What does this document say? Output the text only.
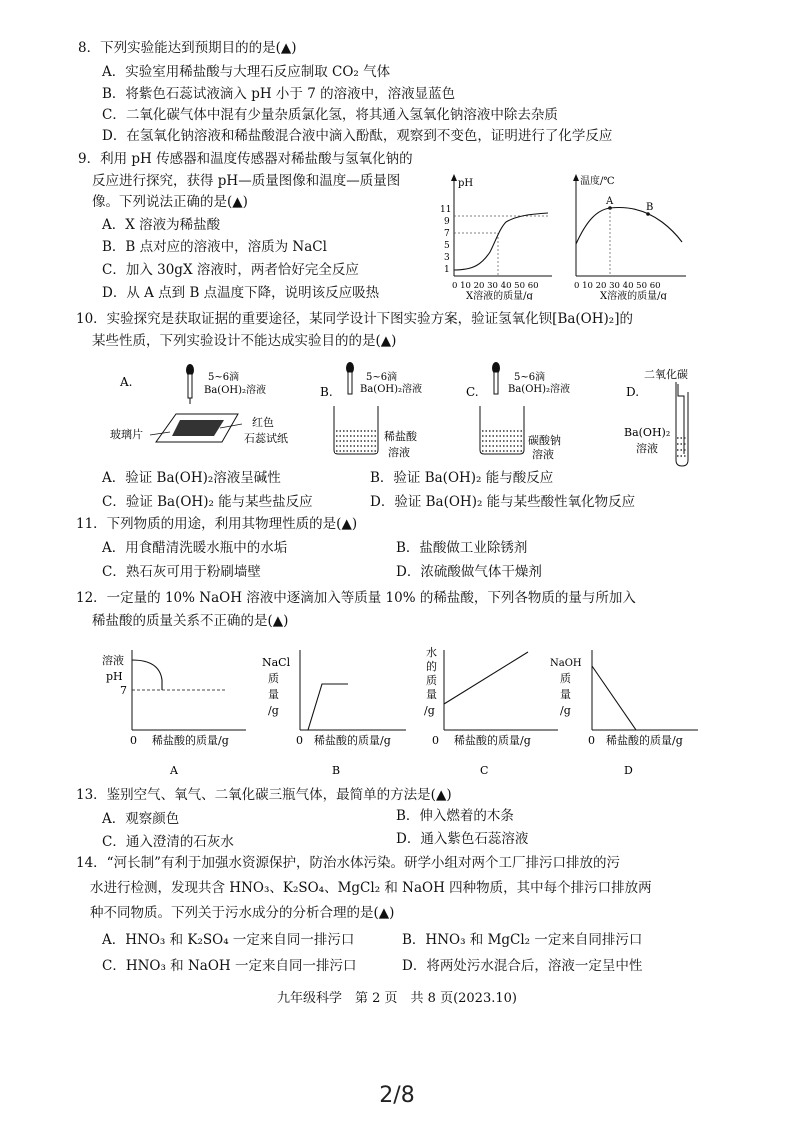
8．下列实验能达到预期目的的是(▲)
A．实验室用稀盐酸与大理石反应制取 CO₂ 气体
B．将紫色石蕊试液滴入 pH 小于 7 的溶液中，溶液显蓝色
C．二氧化碳气体中混有少量杂质氯化氢，将其通入氢氧化钠溶液中除去杂质
D．在氢氧化钠溶液和稀盐酸混合液中滴入酚酞，观察到不变色，证明进行了化学反应
9．利用 pH 传感器和温度传感器对稀盐酸与氢氧化钠的
反应进行探究，获得 pH—质量图像和温度—质量图
像。下列说法正确的是(▲)
A．X 溶液为稀盐酸
B．B 点对应的溶液中，溶质为 NaCl
C．加入 30gX 溶液时，两者恰好完全反应
D．从 A 点到 B 点温度下降，说明该反应吸热
pH
11
9
7
5
3
1
0 10 20 30 40 50 60
X溶液的质量/g
温度/℃
A
B
0 10 20 30 40 50 60
X溶液的质量/g
10．实验探究是获取证据的重要途径，某同学设计下图实验方案，验证氢氧化钡[Ba(OH)₂]的
某些性质，下列实验设计不能达成实验目的的是(▲)
A.	5~6滴
Ba(OH)₂溶液
玻璃片
红色
石蕊试纸
B.
5~6滴
Ba(OH)₂溶液
稀盐酸
溶液
C.
5~6滴
Ba(OH)₂溶液
碳酸钠
溶液
D.
二氧化碳
Ba(OH)₂
溶液
A．验证 Ba(OH)₂溶液呈碱性	B．验证 Ba(OH)₂ 能与酸反应
C．验证 Ba(OH)₂ 能与某些盐反应	D．验证 Ba(OH)₂ 能与某些酸性氧化物反应
11．下列物质的用途，利用其物理性质的是(▲)
A．用食醋清洗暖水瓶中的水垢	B．盐酸做工业除锈剂
C．熟石灰可用于粉刷墙壁	D．浓硫酸做气体干燥剂
12．一定量的 10% NaOH 溶液中逐滴加入等质量 10% 的稀盐酸，下列各物质的量与所加入
稀盐酸的质量关系不正确的是(▲)
溶液
pH
7
0 稀盐酸的质量/g
A
NaCl
质
量
/g
0 稀盐酸的质量/g
B
水
的
质
量
/g
0 稀盐酸的质量/g
C
NaOH
质
量
/g
0 稀盐酸的质量/g
D
13．鉴别空气、氧气、二氧化碳三瓶气体，最简单的方法是(▲)
A．观察颜色	B．伸入燃着的木条
C．通入澄清的石灰水	D．通入紫色石蕊溶液
14．“河长制”有利于加强水资源保护，防治水体污染。研学小组对两个工厂排污口排放的污
水进行检测，发现共含 HNO₃、K₂SO₄、MgCl₂ 和 NaOH 四种物质，其中每个排污口排放两
种不同物质。下列关于污水成分的分析合理的是(▲)
A．HNO₃ 和 K₂SO₄ 一定来自同一排污口	B．HNO₃ 和 MgCl₂ 一定来自同排污口
C．HNO₃ 和 NaOH 一定来自同一排污口	D．将两处污水混合后，溶液一定呈中性
九年级科学　第 2 页　共 8 页(2023.10)
2/8
